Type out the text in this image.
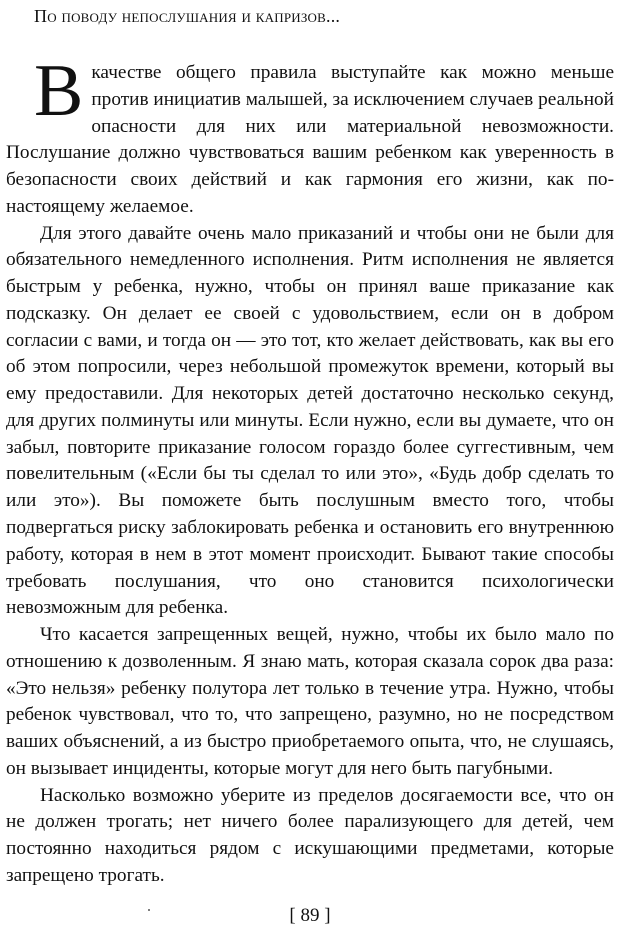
По поводу непослушания и капризов...

Вкачестве общего правила выступайте как можно меньше против инициатив малышей, за исключением случаев реальной опасности для них или материальной невозможности. Послушание должно чувствоваться вашим ребенком как уверенность в безопасности своих действий и как гармония его жизни, как по-настоящему желаемое.

Для этого давайте очень мало приказаний и чтобы они не были для обязательного немедленного исполнения. Ритм исполнения не является быстрым у ребенка, нужно, чтобы он принял ваше приказание как подсказку. Он делает ее своей с удовольствием, если он в добром согласии с вами, и тогда он — это тот, кто желает действовать, как вы его об этом попросили, через небольшой промежуток времени, который вы ему предоставили. Для некоторых детей достаточно несколько секунд, для других полминуты или минуты. Если нужно, если вы думаете, что он забыл, повторите приказание голосом гораздо более суггестивным, чем повелительным («Если бы ты сделал то или это», «Будь добр сделать то или это»). Вы поможете быть послушным вместо того, чтобы подвергаться риску заблокировать ребенка и остановить его внутреннюю работу, которая в нем в этот момент происходит. Бывают такие способы требовать послушания, что оно становится психологически невозможным для ребенка.

Что касается запрещенных вещей, нужно, чтобы их было мало по отношению к дозволенным. Я знаю мать, которая сказала сорок два раза: «Это нельзя» ребенку полутора лет только в течение утра. Нужно, чтобы ребенок чувствовал, что то, что запрещено, разумно, но не посредством ваших объяснений, а из быстро приобретаемого опыта, что, не слушаясь, он вызывает инциденты, которые могут для него быть пагубными.

Насколько возможно уберите из пределов досягаемости все, что он не должен трогать; нет ничего более парализующего для детей, чем постоянно находиться рядом с искушающими предметами, которые запрещено трогать.

[ 89 ]
